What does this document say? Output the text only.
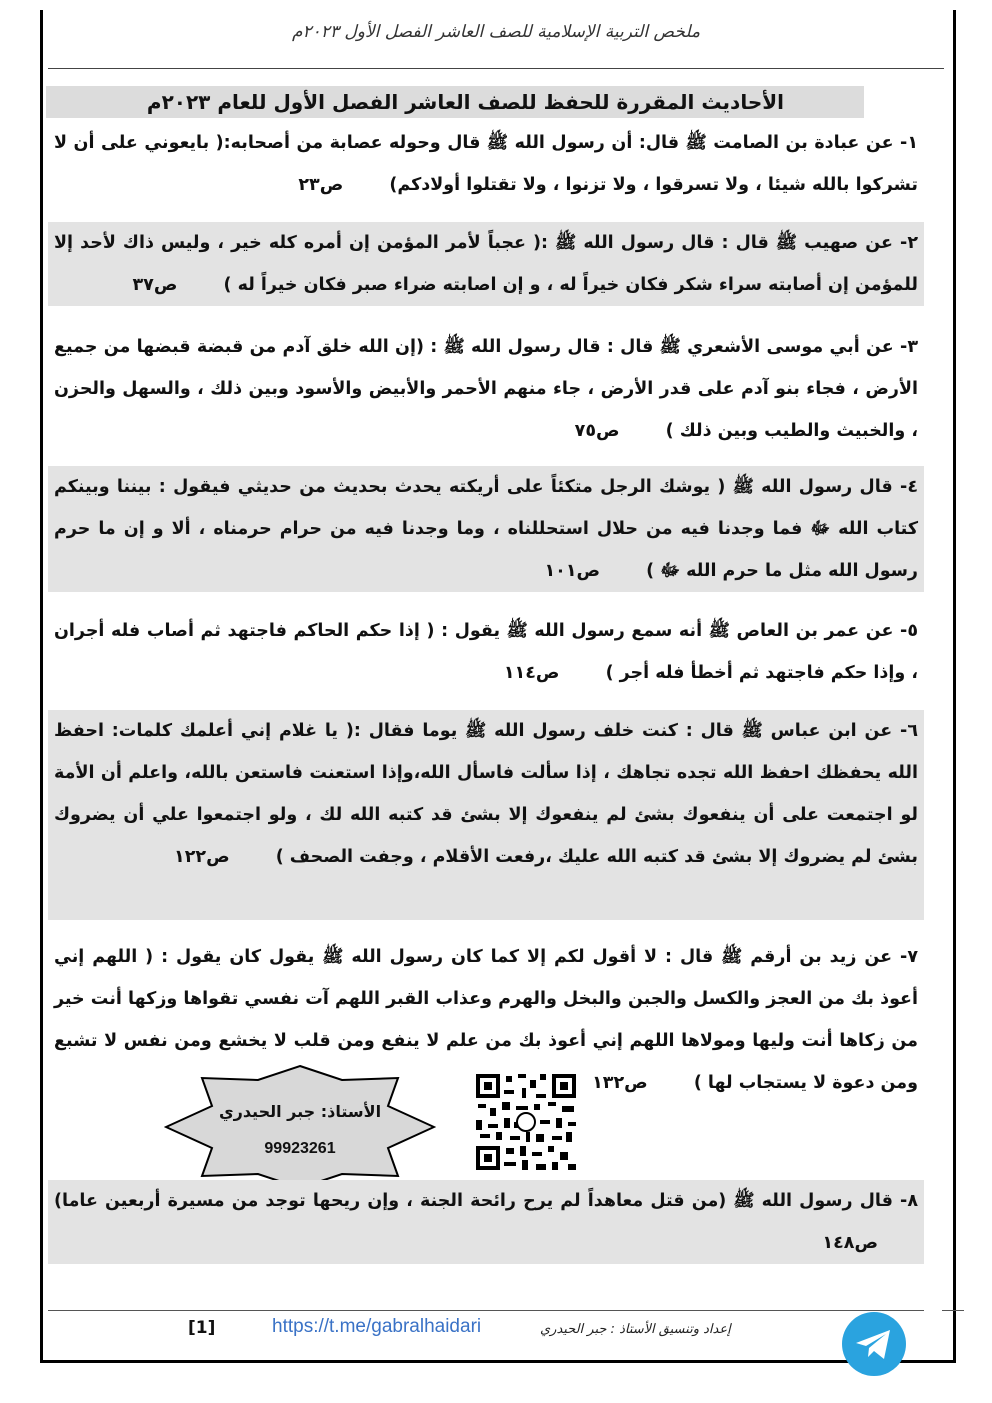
ملخص التربية الإسلامية للصف العاشر الفصل الأول ٢٠٢٣م
الأحاديث المقررة للحفظ للصف العاشر الفصل الأول للعام ٢٠٢٣م
١- عن عبادة بن الصامت ﷺ قال: أن رسول الله ﷺ قال وحوله عصابة من أصحابه:( بايعوني على أن لا تشركوا بالله شيئا ، ولا تسرقوا ، ولا تزنوا ، ولا تقتلوا أولادكم) ص٢٣
٢- عن صهيب ﷺ قال : قال رسول الله ﷺ :( عجباً لأمر المؤمن إن أمره كله خير ، وليس ذاك لأحد إلا للمؤمن إن أصابته سراء شكر فكان خيراً له ، و إن اصابته ضراء صبر فكان خيراً له ) ص٣٧
٣- عن أبي موسى الأشعري ﷺ قال : قال رسول الله ﷺ : (إن الله خلق آدم من قبضة قبضها من جميع الأرض ، فجاء بنو آدم على قدر الأرض ، جاء منهم الأحمر والأبيض والأسود وبين ذلك ، والسهل والحزن ، والخبيث والطيب وبين ذلك ) ص٧٥
٤- قال رسول الله ﷺ ( يوشك الرجل متكئاً على أريكته يحدث بحديث من حديثي فيقول : بيننا وبينكم كتاب الله ﷻ فما وجدنا فيه من حلال استحللناه ، وما وجدنا فيه من حرام حرمناه ، ألا و إن ما حرم رسول الله مثل ما حرم الله ﷻ ) ص١٠١
٥- عن عمر بن العاص ﷺ أنه سمع رسول الله ﷺ يقول : ( إذا حكم الحاكم فاجتهد ثم أصاب فله أجران ، وإذا حكم فاجتهد ثم أخطأ فله أجر ) ص١١٤
٦- عن ابن عباس ﷺ قال : كنت خلف رسول الله ﷺ يوما فقال :( يا غلام إني أعلمك كلمات: احفظ الله يحفظك احفظ الله تجده تجاهك ، إذا سألت فاسأل الله،وإذا استعنت فاستعن بالله، واعلم أن الأمة لو اجتمعت على أن ينفعوك بشئ لم ينفعوك إلا بشئ قد كتبه الله لك ، ولو اجتمعوا علي أن يضروك بشئ لم يضروك إلا بشئ قد كتبه الله عليك ،رفعت الأقلام ، وجفت الصحف ) ص١٢٢
٧- عن زيد بن أرقم ﷺ قال : لا أقول لكم إلا كما كان رسول الله ﷺ يقول كان يقول : ( اللهم إني أعوذ بك من العجز والكسل والجبن والبخل والهرم وعذاب القبر اللهم آت نفسي تقواها وزكها أنت خير من زكاها أنت وليها ومولاها اللهم إني أعوذ بك من علم لا ينفع ومن قلب لا يخشع ومن نفس لا تشبع ومن دعوة لا يستجاب لها ) ص١٣٢
الأستاذ: جبر الحيدري
99923261
٨- قال رسول الله ﷺ (من قتل معاهداً لم يرح رائحة الجنة ، وإن ريحها توجد من مسيرة أربعين عاما) ص١٤٨
[1]	https://t.me/gabralhaidari	إعداد وتنسيق الأستاذ : جبر الحيدري
